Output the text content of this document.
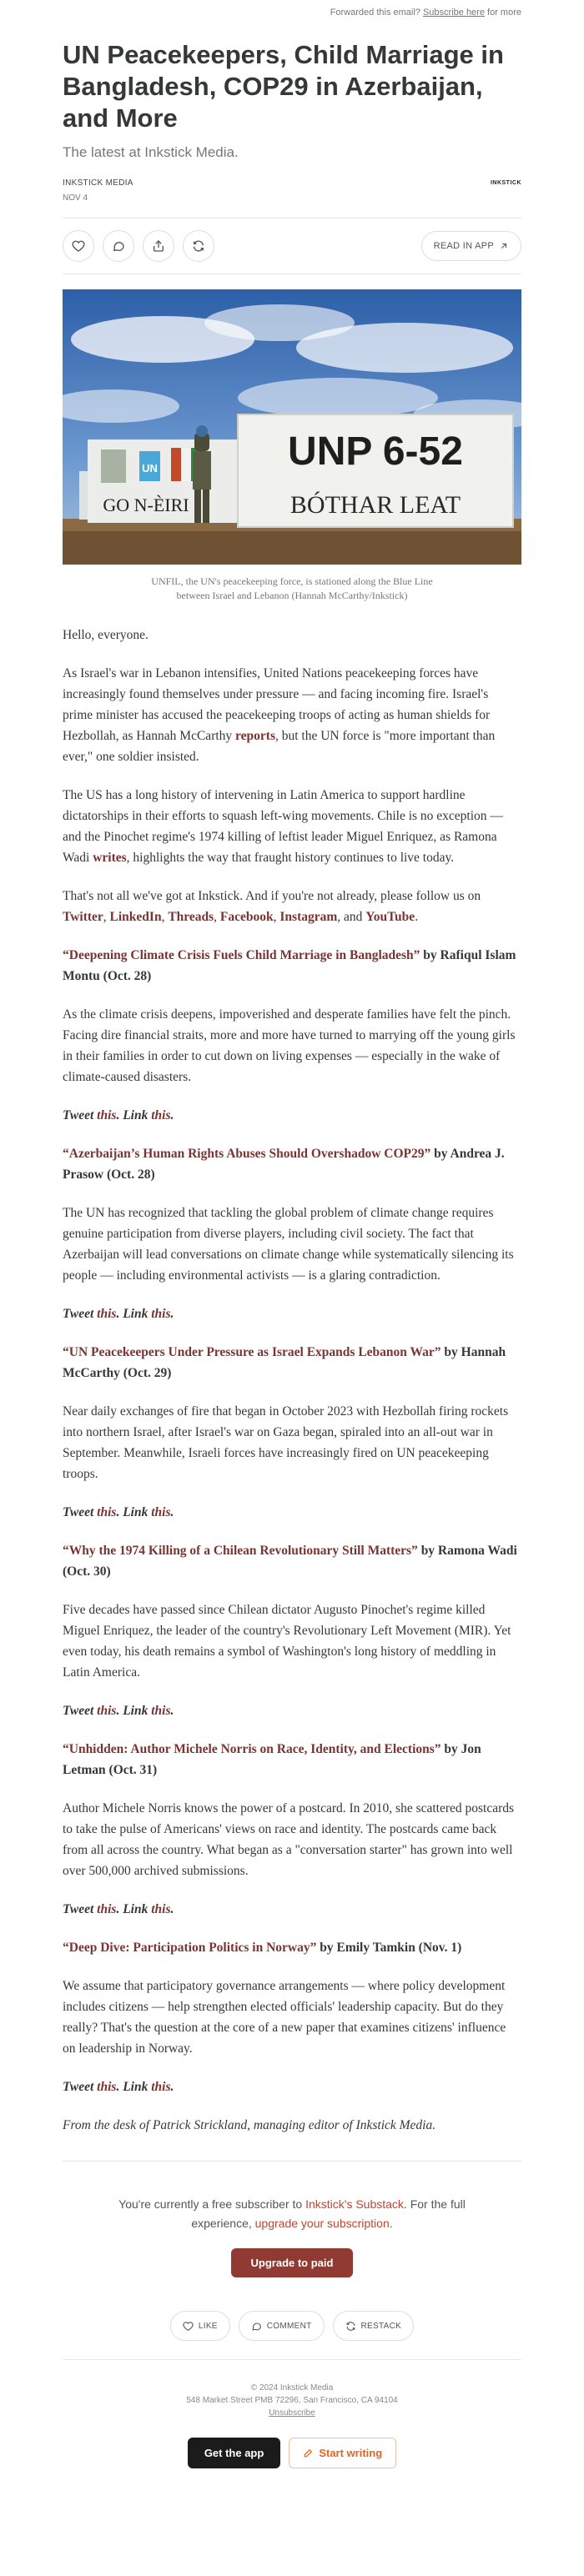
Forwarded this email? Subscribe here for more
UN Peacekeepers, Child Marriage in Bangladesh, COP29 in Azerbaijan, and More
The latest at Inkstick Media.
INKSTICK MEDIA
NOV 4
INKSTICK
READ IN APP
UN
GO N-ÈIRI
UNP 6-52
BÓTHAR LEAT
UNFIL, the UN's peacekeeping force, is stationed along the Blue Line
between Israel and Lebanon (Hannah McCarthy/Inkstick)

Hello, everyone.

As Israel's war in Lebanon intensifies, United Nations peacekeeping forces have increasingly found themselves under pressure — and facing incoming fire. Israel's prime minister has accused the peacekeeping troops of acting as human shields for Hezbollah, as Hannah McCarthy reports, but the UN force is "more important than ever," one soldier insisted.

The US has a long history of intervening in Latin America to support hardline dictatorships in their efforts to squash left-wing movements. Chile is no exception — and the Pinochet regime's 1974 killing of leftist leader Miguel Enriquez, as Ramona Wadi writes, highlights the way that fraught history continues to live today.

That's not all we've got at Inkstick. And if you're not already, please follow us on Twitter, LinkedIn, Threads, Facebook, Instagram, and YouTube.

“Deepening Climate Crisis Fuels Child Marriage in Bangladesh” by Rafiqul Islam Montu (Oct. 28)

As the climate crisis deepens, impoverished and desperate families have felt the pinch. Facing dire financial straits, more and more have turned to marrying off the young girls in their families in order to cut down on living expenses — especially in the wake of climate-caused disasters.

Tweet this. Link this.

“Azerbaijan’s Human Rights Abuses Should Overshadow COP29” by Andrea J. Prasow (Oct. 28)

The UN has recognized that tackling the global problem of climate change requires genuine participation from diverse players, including civil society. The fact that Azerbaijan will lead conversations on climate change while systematically silencing its people — including environmental activists — is a glaring contradiction.

Tweet this. Link this.

“UN Peacekeepers Under Pressure as Israel Expands Lebanon War” by Hannah McCarthy (Oct. 29)

Near daily exchanges of fire that began in October 2023 with Hezbollah firing rockets into northern Israel, after Israel's war on Gaza began, spiraled into an all-out war in September. Meanwhile, Israeli forces have increasingly fired on UN peacekeeping troops.

Tweet this. Link this.

“Why the 1974 Killing of a Chilean Revolutionary Still Matters” by Ramona Wadi (Oct. 30)

Five decades have passed since Chilean dictator Augusto Pinochet's regime killed Miguel Enriquez, the leader of the country's Revolutionary Left Movement (MIR). Yet even today, his death remains a symbol of Washington's long history of meddling in Latin America.

Tweet this. Link this.

“Unhidden: Author Michele Norris on Race, Identity, and Elections” by Jon Letman (Oct. 31)

Author Michele Norris knows the power of a postcard. In 2010, she scattered postcards to take the pulse of Americans' views on race and identity. The postcards came back from all across the country. What began as a "conversation starter" has grown into well over 500,000 archived submissions.

Tweet this. Link this.

“Deep Dive: Participation Politics in Norway” by Emily Tamkin (Nov. 1)

We assume that participatory governance arrangements — where policy development includes citizens — help strengthen elected officials' leadership capacity. But do they really? That's the question at the core of a new paper that examines citizens' influence on leadership in Norway.

Tweet this. Link this.

From the desk of Patrick Strickland, managing editor of Inkstick Media.

You're currently a free subscriber to Inkstick's Substack. For the full experience, upgrade your subscription.
Upgrade to paid
LIKE	COMMENT	RESTACK
© 2024 Inkstick Media
548 Market Street PMB 72296, San Francisco, CA 94104
Unsubscribe
Get the app	Start writing
